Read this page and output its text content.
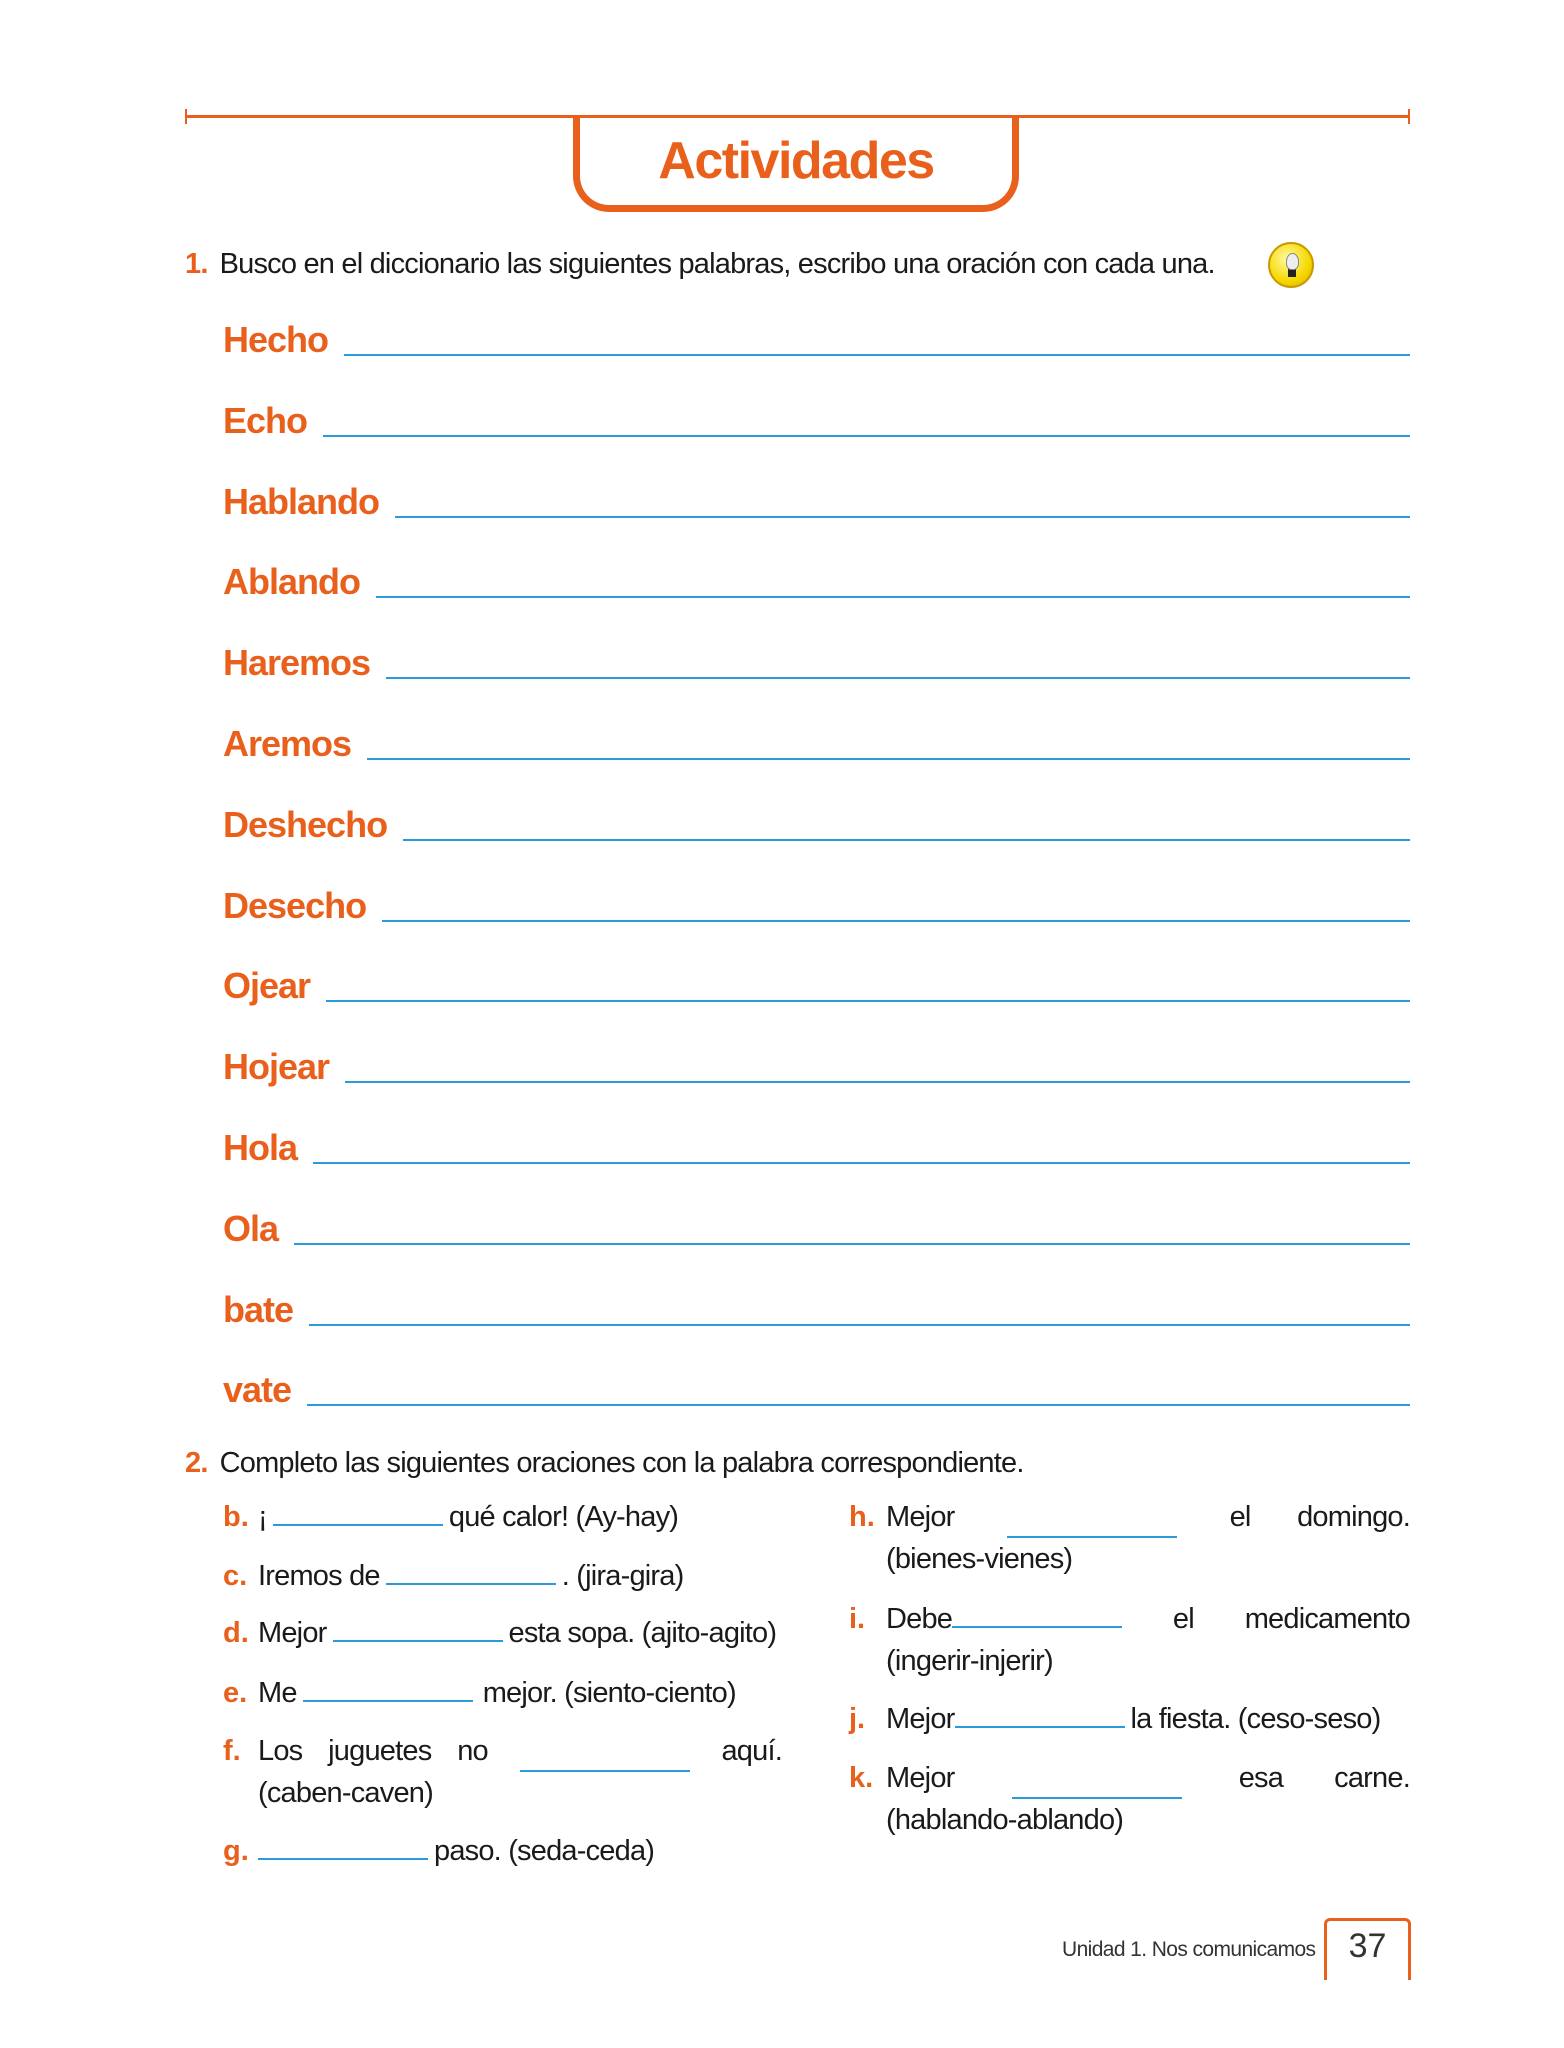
Actividades
1. Busco en el diccionario las siguientes palabras, escribo una oración con cada una.
Hecho
Echo
Hablando
Ablando
Haremos
Aremos
Deshecho
Desecho
Ojear
Hojear
Hola
Ola
bate
vate
2. Completo las siguientes oraciones con la palabra correspondiente.
b. ¡	qué calor! (Ay-hay)
c. Iremos de	. (jira-gira)
d. Mejor	esta sopa. (ajito-agito)
e. Me	mejor. (siento-ciento)
f. Los juguetes no	aquí.
(caben-caven)
g.	paso. (seda-ceda)
h. Mejor	el domingo.
(bienes-vienes)
i. Debe	el medicamento
(ingerir-injerir)
j. Mejor	la fiesta. (ceso-seso)
k. Mejor	esa carne.
(hablando-ablando)
Unidad 1. Nos comunicamos 37
